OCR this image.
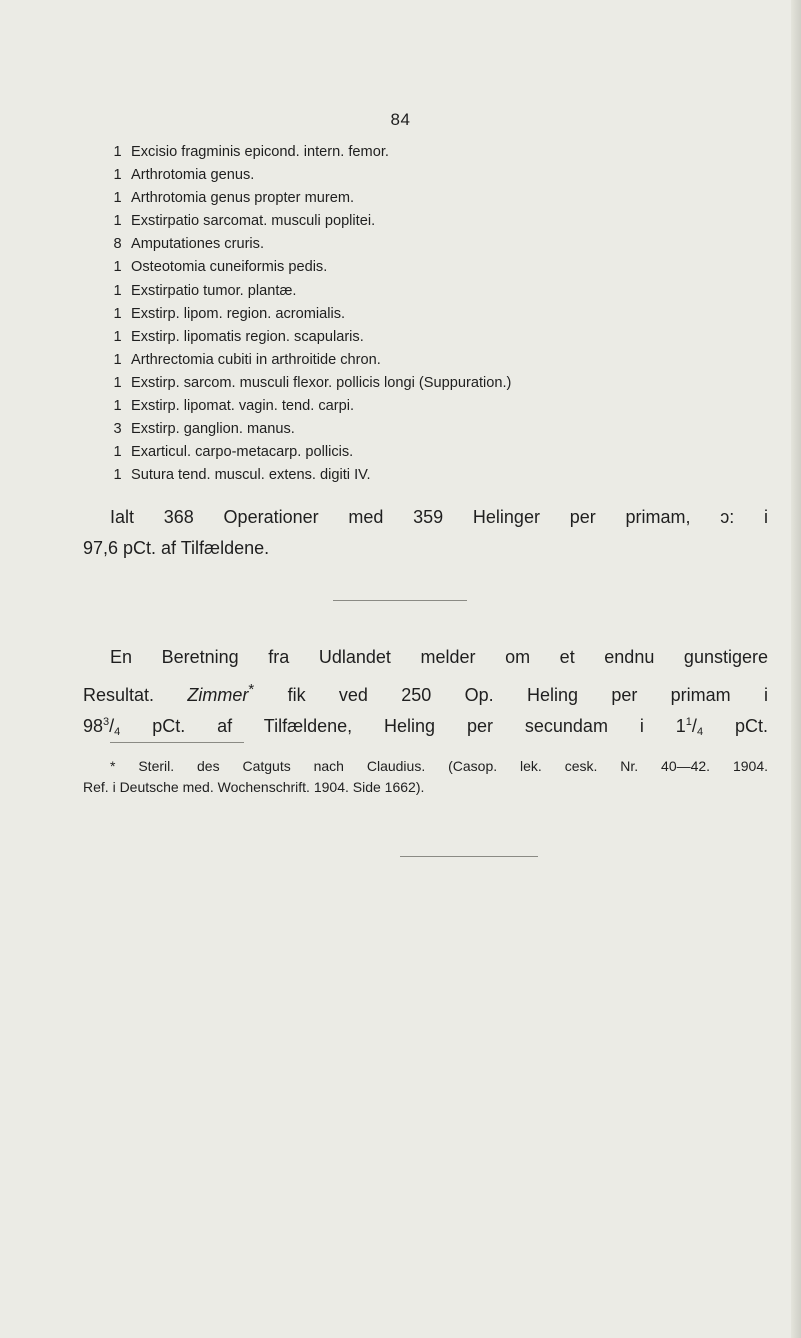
84
1 Excisio fragminis epicond. intern. femor.
1 Arthrotomia genus.
1 Arthrotomia genus propter murem.
1 Exstirpatio sarcomat. musculi poplitei.
8 Amputationes cruris.
1 Osteotomia cuneiformis pedis.
1 Exstirpatio tumor. plantæ.
1 Exstirp. lipom. region. acromialis.
1 Exstirp. lipomatis region. scapularis.
1 Arthrectomia cubiti in arthroitide chron.
1 Exstirp. sarcom. musculi flexor. pollicis longi (Suppuration.)
1 Exstirp. lipomat. vagin. tend. carpi.
3 Exstirp. ganglion. manus.
1 Exarticul. carpo-metacarp. pollicis.
1 Sutura tend. muscul. extens. digiti IV.

Ialt 368 Operationer med 359 Helinger per primam, ɔ: i
97,6 pCt. af Tilfældene.

En Beretning fra Udlandet melder om et endnu gunstigere
Resultat. Zimmer* fik ved 250 Op. Heling per primam i
$98^3/_4$ pCt. af Tilfældene, Heling per secundam i $1^1/_4$ pCt.

* Steril. des Catguts nach Claudius. (Casop. lek. cesk. Nr. 40—42. 1904.
Ref. i Deutsche med. Wochenschrift. 1904. Side 1662).
